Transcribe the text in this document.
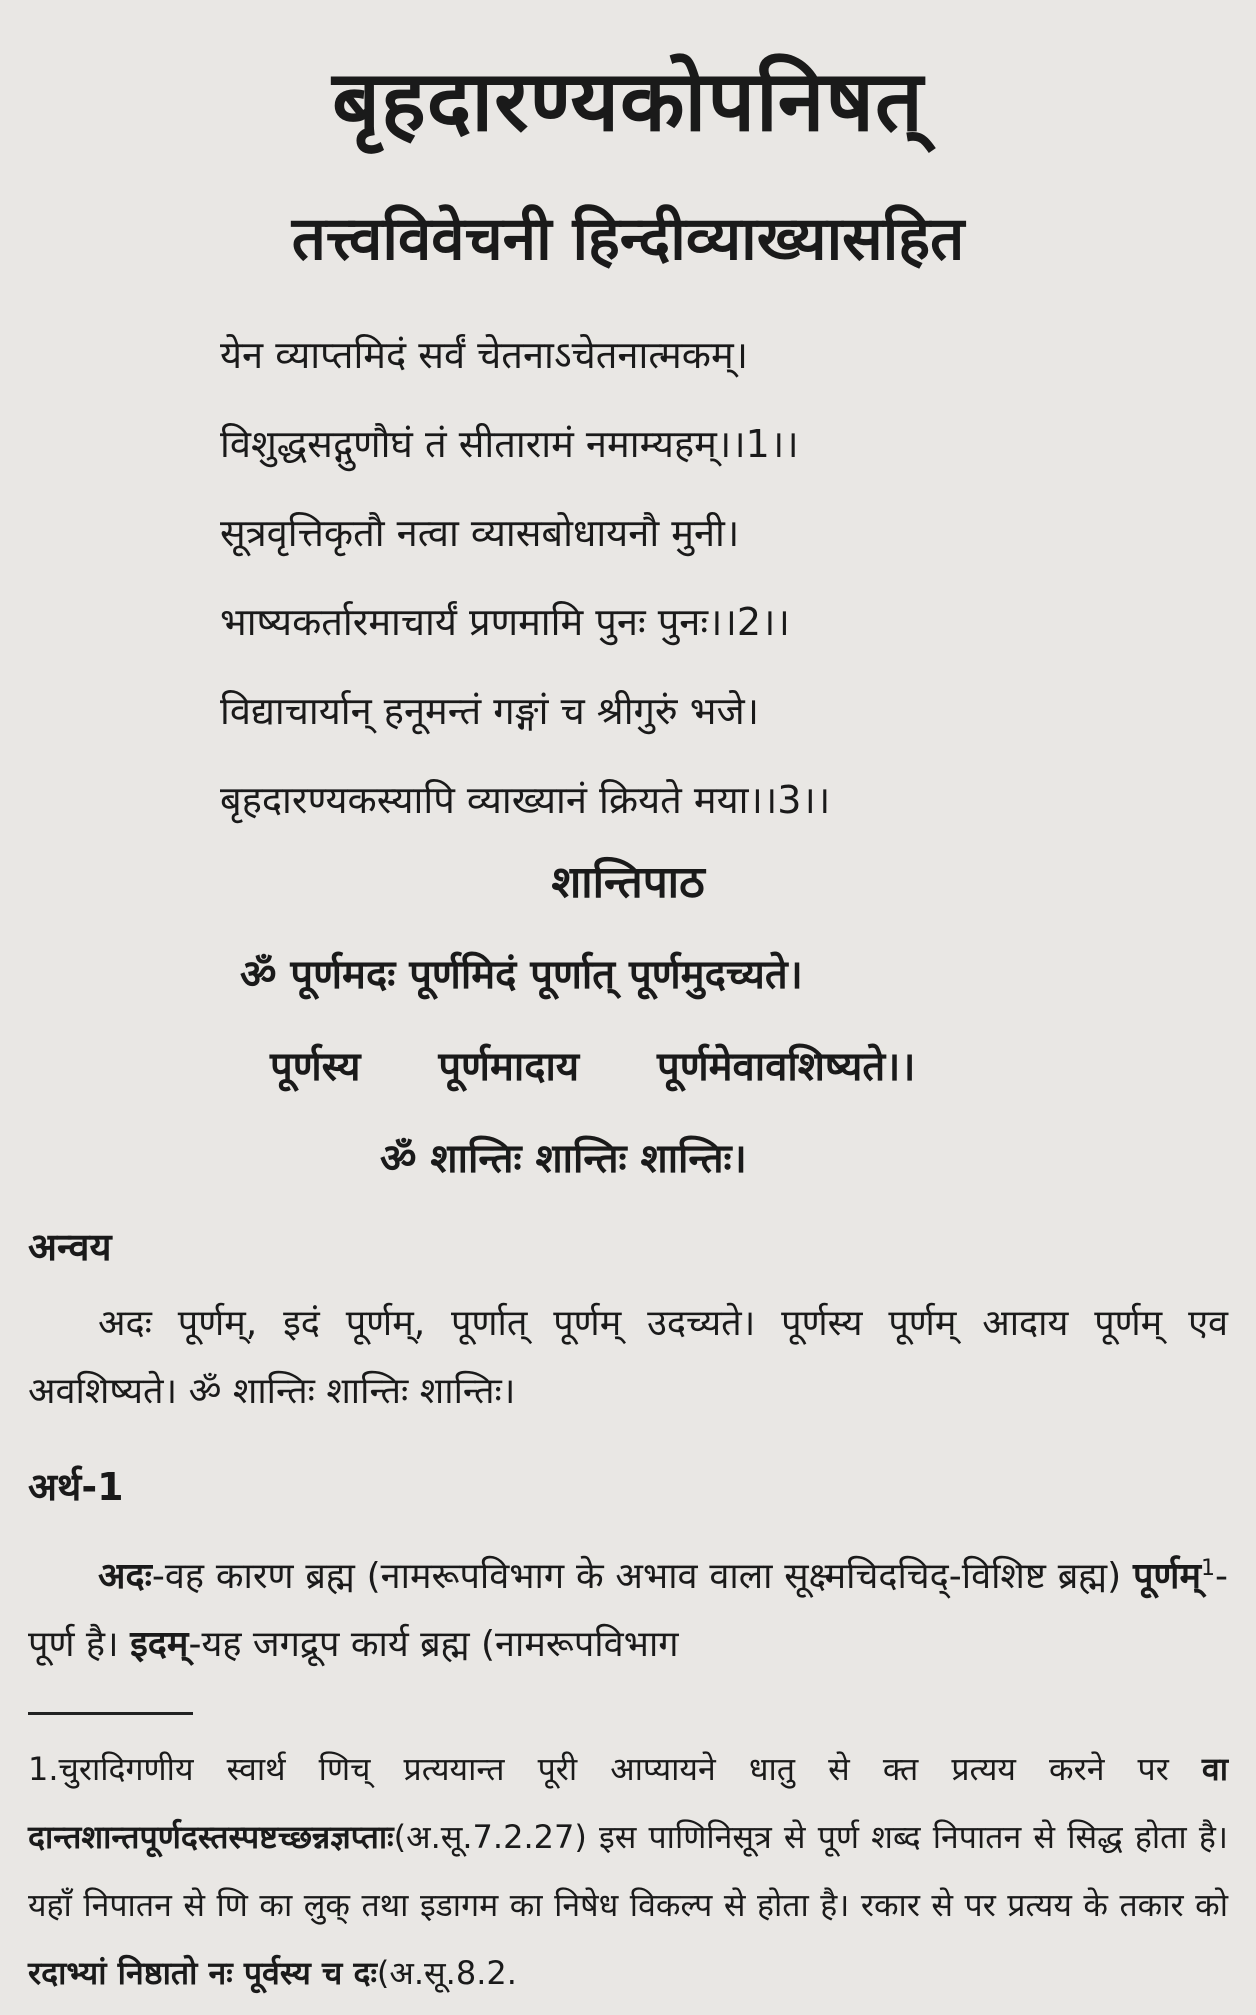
बृहदारण्यकोपनिषत्
तत्त्वविवेचनी हिन्दीव्याख्यासहित
येन व्याप्तमिदं सर्वं चेतनाऽचेतनात्मकम्।
विशुद्धसद्गुणौघं तं सीतारामं नमाम्यहम्।।1।।
सूत्रवृत्तिकृतौ नत्वा व्यासबोधायनौ मुनी।
भाष्यकर्तारमाचार्यं प्रणमामि पुनः पुनः।।2।।
विद्याचार्यान् हनूमन्तं गङ्गां च श्रीगुरुं भजे।
बृहदारण्यकस्यापि व्याख्यानं क्रियते मया।।3।।
शान्तिपाठ
ॐ पूर्णमदः पूर्णमिदं पूर्णात् पूर्णमुदच्यते।
पूर्णस्य पूर्णमादाय पूर्णमेवावशिष्यते।।
ॐ शान्तिः शान्तिः शान्तिः।
अन्वय
अदः पूर्णम्, इदं पूर्णम्, पूर्णात् पूर्णम् उदच्यते। पूर्णस्य पूर्णम् आदाय पूर्णम् एव अवशिष्यते। ॐ शान्तिः शान्तिः शान्तिः।
अर्थ-1
अदः-वह कारण ब्रह्म (नामरूपविभाग के अभाव वाला सूक्ष्मचिदचिद्-विशिष्ट ब्रह्म) पूर्णम्$^1$-पूर्ण है। इदम्-यह जगद्रूप कार्य ब्रह्म (नामरूपविभाग
1.चुरादिगणीय स्वार्थ णिच् प्रत्ययान्त पूरी आप्यायने धातु से क्त प्रत्यय करने पर वा दान्तशान्तपूर्णदस्तस्पष्टच्छन्नज्ञप्ताः(अ.सू.7.2.27) इस पाणिनिसूत्र से पूर्ण शब्द निपातन से सिद्ध होता है। यहाँ निपातन से णि का लुक् तथा इडागम का निषेध विकल्प से होता है। रकार से पर प्रत्यय के तकार को रदाभ्यां निष्ठातो नः पूर्वस्य च दः(अ.सू.8.2.
